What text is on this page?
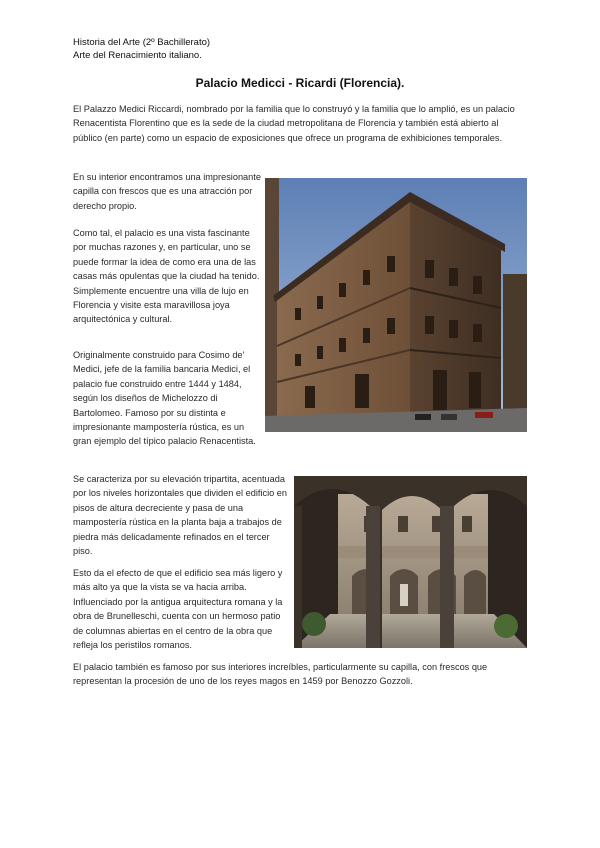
Historia del Arte (2º Bachillerato)
Arte del Renacimiento italiano.
Palacio Medicci - Ricardi (Florencia).

El Palazzo Medici Riccardi, nombrado por la familia que lo construyó y la familia que lo amplió, es un palacio Renacentista Florentino que es la sede de la ciudad metropolitana de Florencia y también está abierto al público (en parte) como un espacio de exposiciones que ofrece un programa de exhibiciones temporales.

En su interior encontramos una impresionante capilla con frescos que es una atracción por derecho propio.

Como tal, el palacio es una vista fascinante por muchas razones y, en particular, uno se puede formar la idea de como era una de las casas más opulentas que la ciudad ha tenido. Simplemente encuentre una villa de lujo en Florencia y visite esta maravillosa joya arquitectónica y cultural.

Originalmente construido para Cosimo de' Medici, jefe de la familia bancaria Medici, el palacio fue construido entre 1444 y 1484, según los diseños de Michelozzo di Bartolomeo. Famoso por su distinta e impresionante mampostería rústica, es un gran ejemplo del típico palacio Renacentista.

Se caracteriza por su elevación tripartita, acentuada por los niveles horizontales que dividen el edificio en pisos de altura decreciente y pasa de una mampostería rústica en la planta baja a trabajos de piedra más delicadamente refinados en el tercer piso.

Esto da el efecto de que el edificio sea más ligero y más alto ya que la vista se va hacia arriba. Influenciado por la antigua arquitectura romana y la obra de Brunelleschi, cuenta con un hermoso patio de columnas abiertas en el centro de la obra que refleja los peristilos romanos.

El palacio también es famoso por sus interiores increíbles, particularmente su capilla, con frescos que representan la procesión de uno de los reyes magos en 1459 por Benozzo Gozzoli.
